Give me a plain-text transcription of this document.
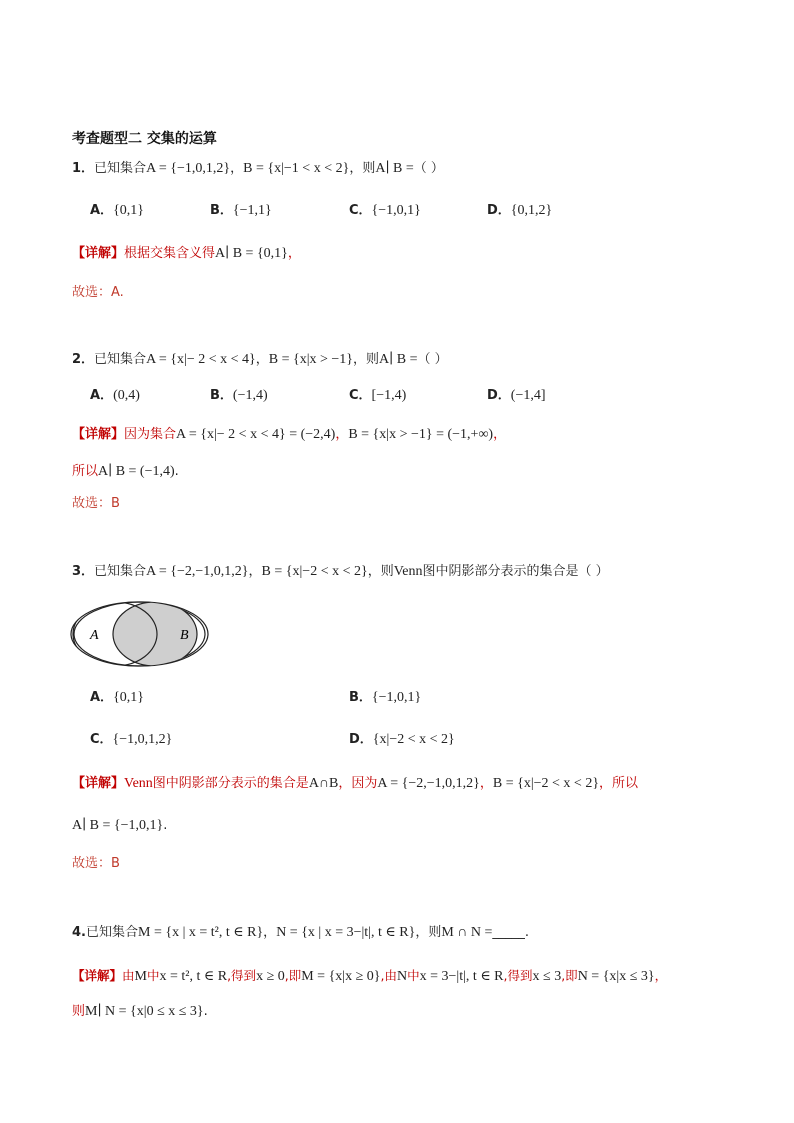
考查题型二 交集的运算
1．已知集合A = {−1,0,1,2}，B = {x|−1 < x < 2}，则A∣ B =（ ）
A．{0,1}	B．{−1,1}	C．{−1,0,1}	D．{0,1,2}
【详解】根据交集含义得A∣ B = {0,1}，
故选：A.
2．已知集合A = {x|− 2 < x < 4}，B = {x|x > −1}，则A∣ B =（ ）
A．(0,4)	B．(−1,4)	C．[−1,4)	D．(−1,4]
【详解】因为集合A = {x|− 2 < x < 4} = (−2,4)，B = {x|x > −1} = (−1,+∞)，
所以A∣ B = (−1,4).
故选：B
3．已知集合A = {−2,−1,0,1,2}，B = {x|−2 < x < 2}，则Venn图中阴影部分表示的集合是（ ）
A	B
A．{0,1}	B．{−1,0,1}
C．{−1,0,1,2}	D．{x|−2 < x < 2}
【详解】Venn图中阴影部分表示的集合是A∩B，因为A = {−2,−1,0,1,2}，B = {x|−2 < x < 2}，所以
A∣ B = {−1,0,1}.
故选：B
4.已知集合M = {x | x = t², t ∈ R}，N = {x | x = 3−|t|, t ∈ R}，则M ∩ N =_____.
【详解】由M中x = t², t ∈ R,得到x ≥ 0,即M = {x|x ≥ 0},由N中x = 3−|t|, t ∈ R,得到x ≤ 3,即N = {x|x ≤ 3}，
则M∣ N = {x|0 ≤ x ≤ 3}.
